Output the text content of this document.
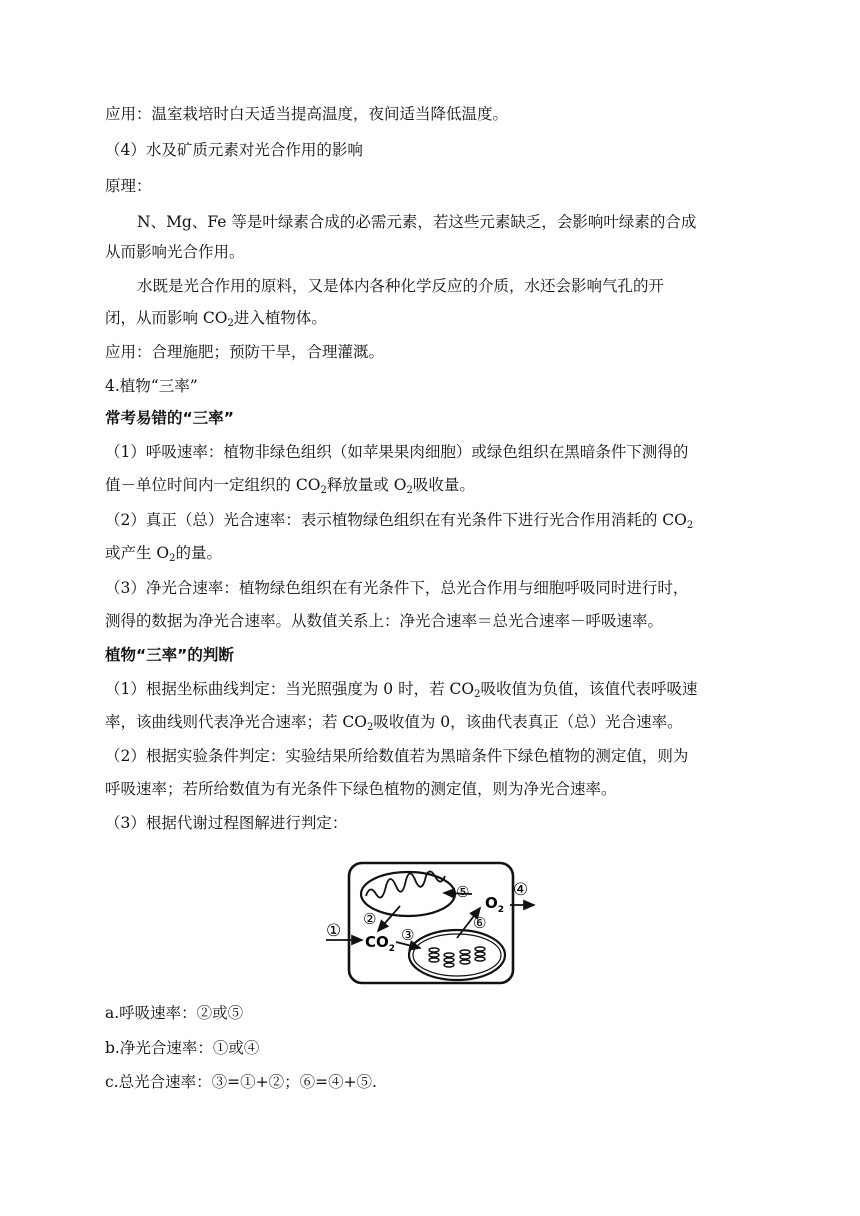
应用：温室栽培时白天适当提高温度，夜间适当降低温度。
（4）水及矿质元素对光合作用的影响
原理：
N、Mg、Fe 等是叶绿素合成的必需元素，若这些元素缺乏，会影响叶绿素的合成
从而影响光合作用。
水既是光合作用的原料，又是体内各种化学反应的介质，水还会影响气孔的开
闭，从而影响 $CO_2$进入植物体。
应用：合理施肥；预防干旱，合理灌溉。
4.植物“三率”
常考易错的“三率”
（1）呼吸速率：植物非绿色组织（如苹果果肉细胞）或绿色组织在黑暗条件下测得的
值－单位时间内一定组织的 $CO_2$释放量或 $O_2$吸收量。
（2）真正（总）光合速率：表示植物绿色组织在有光条件下进行光合作用消耗的 $CO_2$
或产生 $O_2$的量。
（3）净光合速率：植物绿色组织在有光条件下，总光合作用与细胞呼吸同时进行时，
测得的数据为净光合速率。从数值关系上：净光合速率＝总光合速率－呼吸速率。
植物“三率”的判断
（1）根据坐标曲线判定：当光照强度为 0 时，若 $CO_2$吸收值为负值，该值代表呼吸速
率，该曲线则代表净光合速率；若 $CO_2$吸收值为 0，该曲代表真正（总）光合速率。
（2）根据实验条件判定：实验结果所给数值若为黑暗条件下绿色植物的测定值，则为
呼吸速率；若所给数值为有光条件下绿色植物的测定值，则为净光合速率。
（3）根据代谢过程图解进行判定：
①
②
③
④
⑤
⑥
$CO_2$
$O_2$
a.呼吸速率：②或⑤
b.净光合速率：①或④
c.总光合速率：③=①+②；⑥=④+⑤.
